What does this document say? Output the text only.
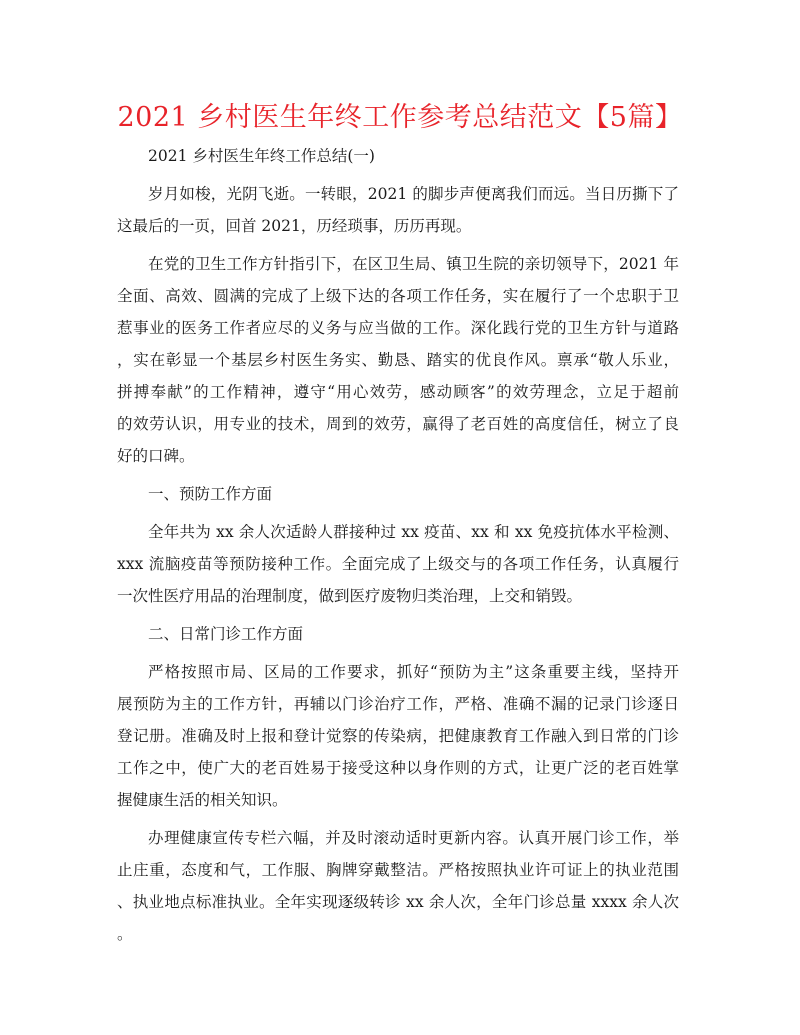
2021 乡村医生年终工作参考总结范文【5篇】
2021 乡村医生年终工作总结(一)
岁月如梭，光阴飞逝。一转眼，2021 的脚步声便离我们而远。当日历撕下了
这最后的一页，回首 2021，历经琐事，历历再现。
在党的卫生工作方针指引下，在区卫生局、镇卫生院的亲切领导下，2021 年
全面、高效、圆满的完成了上级下达的各项工作任务，实在履行了一个忠职于卫
惹事业的医务工作者应尽的义务与应当做的工作。深化践行党的卫生方针与道路
，实在彰显一个基层乡村医生务实、勤恳、踏实的优良作风。禀承“敬人乐业，
拼搏奉献”的工作精神，遵守“用心效劳，感动顾客”的效劳理念，立足于超前
的效劳认识，用专业的技术，周到的效劳，赢得了老百姓的高度信任，树立了良
好的口碑。
一、预防工作方面
全年共为 xx 余人次适龄人群接种过 xx 疫苗、xx 和 xx 免疫抗体水平检测、
xxx 流脑疫苗等预防接种工作。全面完成了上级交与的各项工作任务，认真履行
一次性医疗用品的治理制度，做到医疗废物归类治理，上交和销毁。
二、日常门诊工作方面
严格按照市局、区局的工作要求，抓好“预防为主”这条重要主线，坚持开
展预防为主的工作方针，再辅以门诊治疗工作，严格、准确不漏的记录门诊逐日
登记册。准确及时上报和登计觉察的传染病，把健康教育工作融入到日常的门诊
工作之中，使广大的老百姓易于接受这种以身作则的方式，让更广泛的老百姓掌
握健康生活的相关知识。
办理健康宣传专栏六幅，并及时滚动适时更新内容。认真开展门诊工作，举
止庄重，态度和气，工作服、胸牌穿戴整洁。严格按照执业许可证上的执业范围
、执业地点标准执业。全年实现逐级转诊 xx 余人次，全年门诊总量 xxxx 余人次
。
